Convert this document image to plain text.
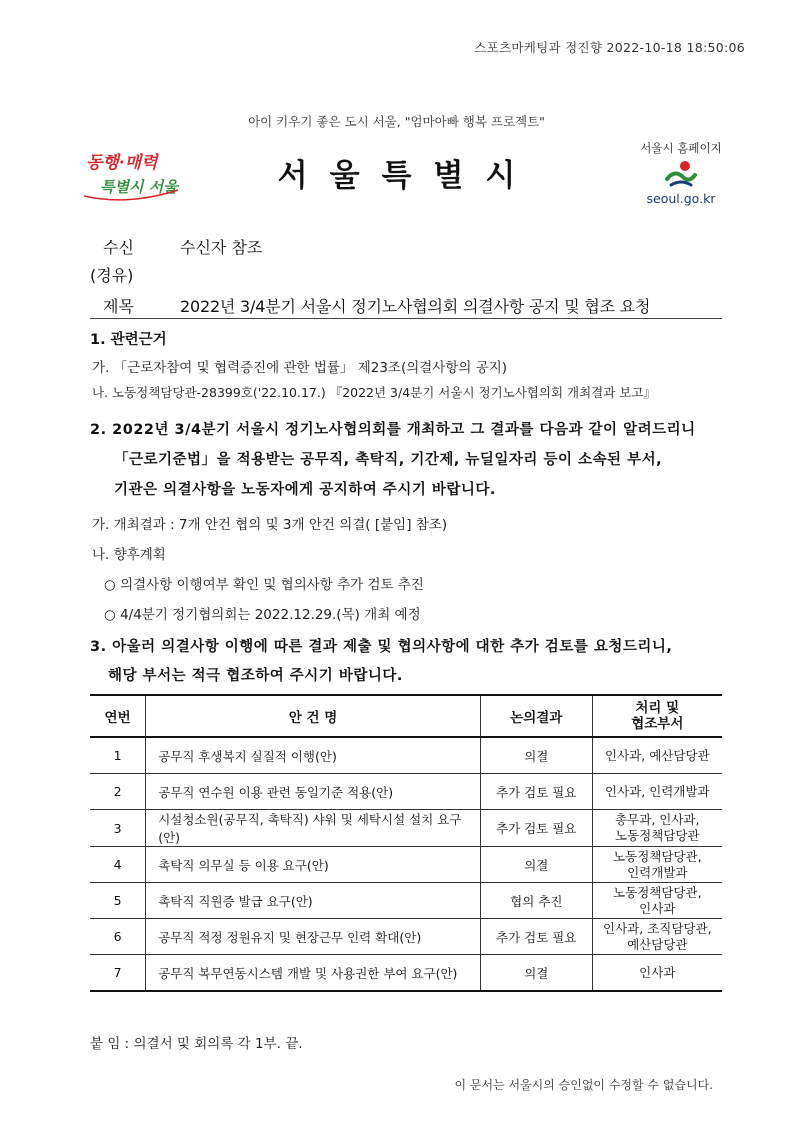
스포츠마케팅과 정진향 2022-10-18 18:50:06
아이 키우기 좋은 도시 서울, "엄마아빠 행복 프로젝트"
동행·매력
특별시 서울	서울특별시
서울시 홈페이지
seoul.go.kr
수신	수신자 참조
(경유)
제목	2022년 3/4분기 서울시 정기노사협의회 의결사항 공지 및 협조 요청
1. 관련근거
가. 「근로자참여 및 협력증진에 관한 법률」 제23조(의결사항의 공지)
나. 노동정책담당관-28399호('22.10.17.) 『2022년 3/4분기 서울시 정기노사협의회 개최결과 보고』
2. 2022년 3/4분기 서울시 정기노사협의회를 개최하고 그 결과를 다음과 같이 알려드리니
「근로기준법」을 적용받는 공무직, 촉탁직, 기간제, 뉴딜일자리 등이 소속된 부서,
기관은 의결사항을 노동자에게 공지하여 주시기 바랍니다.
가. 개최결과 : 7개 안건 협의 및 3개 안건 의결( [붙임] 참조)
나. 향후계획
○ 의결사항 이행여부 확인 및 협의사항 추가 검토 추진
○ 4/4분기 정기협의회는 2022.12.29.(목) 개최 예정
3. 아울러 의결사항 이행에 따른 결과 제출 및 협의사항에 대한 추가 검토를 요청드리니,
해당 부서는 적극 협조하여 주시기 바랍니다.
연번	안 건 명	논의결과	처리 및
협조부서
1	공무직 후생복지 실질적 이행(안)	의결	인사과, 예산담당관
2	공무직 연수원 이용 관련 동일기준 적용(안)	추가 검토 필요	인사과, 인력개발과
3	시설청소원(공무직, 촉탁직) 샤워 및 세탁시설 설치 요구(안)	추가 검토 필요	총무과, 인사과,
노동정책담당관
4	촉탁직 의무실 등 이용 요구(안)	의결	노동정책담당관,
인력개발과
5	촉탁직 직원증 발급 요구(안)	협의 추진	노동정책담당관,
인사과
6	공무직 적정 정원유지 및 현장근무 인력 확대(안)	추가 검토 필요	인사과, 조직담당관,
예산담당관
7	공무직 복무연동시스템 개발 및 사용권한 부여 요구(안)	의결	인사과
붙 임 : 의결서 및 회의록 각 1부. 끝.
이 문서는 서울시의 승인없이 수정할 수 없습니다.
